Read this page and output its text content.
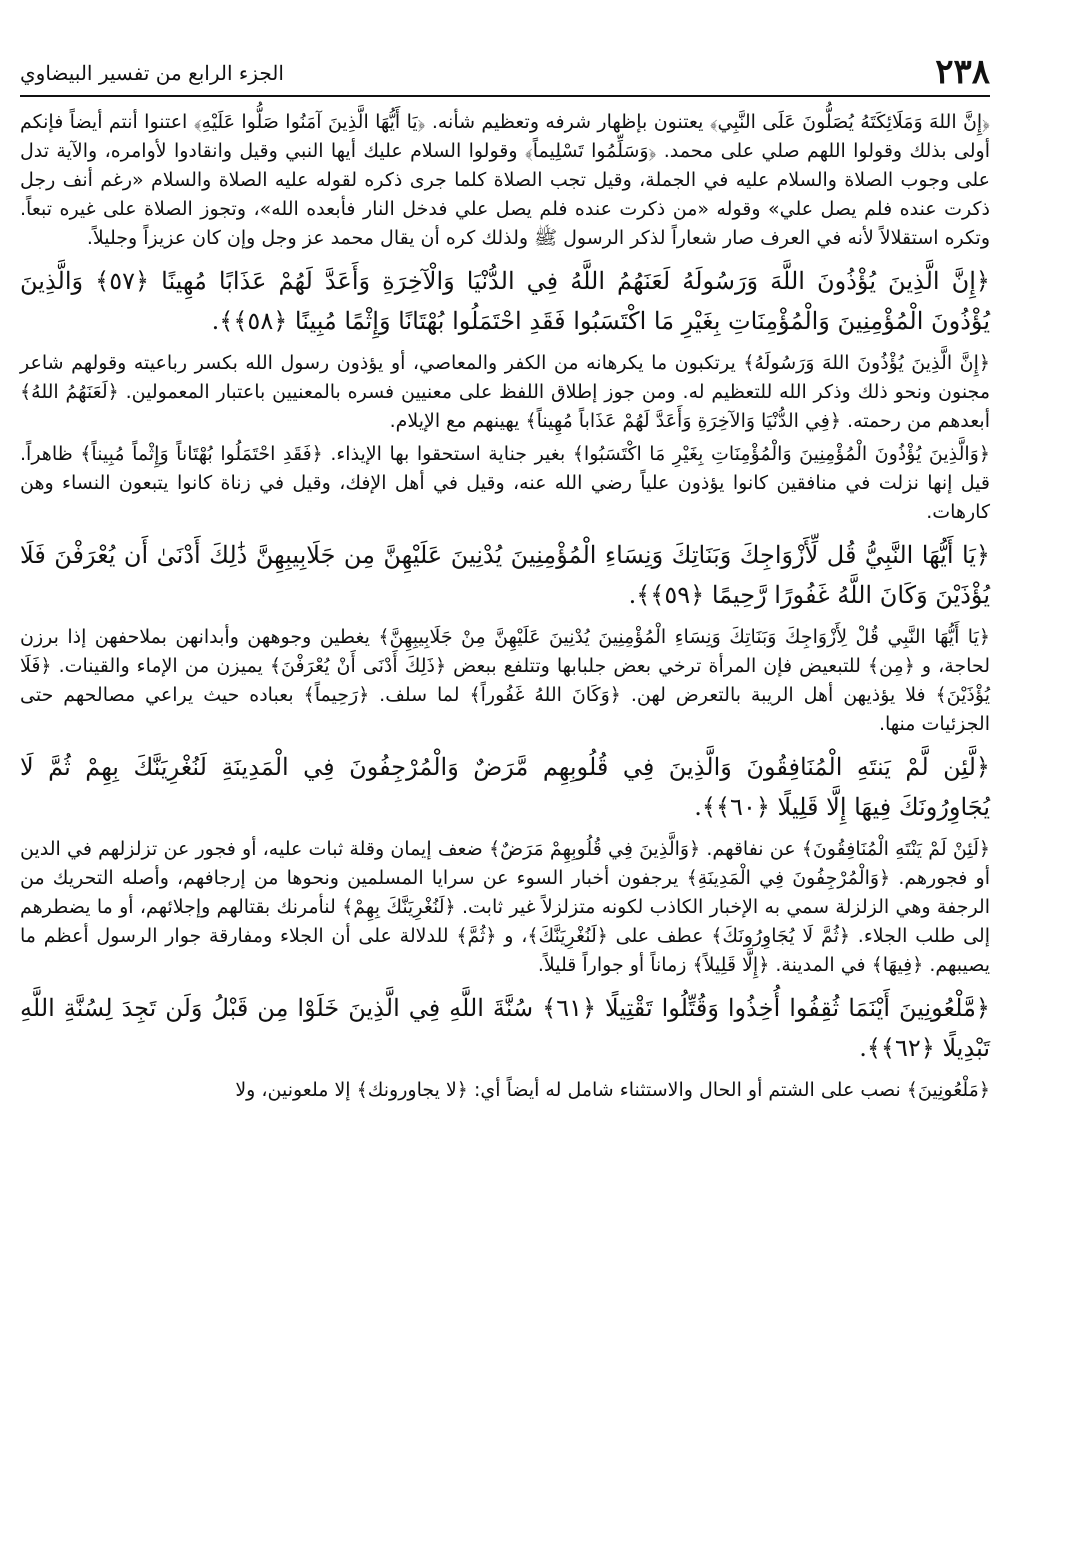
٢٣٨
الجزء الرابع من تفسير البيضاوي

﴿إِنَّ اللهَ وَمَلَائِكَتَهُ يُصَلُّونَ عَلَى النَّبِي﴾ يعتنون بإظهار شرفه وتعظيم شأنه. ﴿يَا أَيُّهَا الَّذِينَ آمَنُوا صَلُّوا عَلَيْهِ﴾ اعتنوا أنتم أيضاً فإنكم أولى بذلك وقولوا اللهم صلي على محمد. ﴿وَسَلِّمُوا تَسْلِيماً﴾ وقولوا السلام عليك أيها النبي وقيل وانقادوا لأوامره، والآية تدل على وجوب الصلاة والسلام عليه في الجملة، وقيل تجب الصلاة كلما جرى ذكره لقوله عليه الصلاة والسلام «رغم أنف رجل ذكرت عنده فلم يصل علي» وقوله «من ذكرت عنده فلم يصل علي فدخل النار فأبعده الله»، وتجوز الصلاة على غيره تبعاً. وتكره استقلالاً لأنه في العرف صار شعاراً لذكر الرسول ﷺ ولذلك كره أن يقال محمد عز وجل وإن كان عزيزاً وجليلاً.

﴿إِنَّ الَّذِينَ يُؤْذُونَ اللَّهَ وَرَسُولَهُ لَعَنَهُمُ اللَّهُ فِي الدُّنْيَا وَالْآخِرَةِ وَأَعَدَّ لَهُمْ عَذَابًا مُهِينًا ﴿٥٧﴾ وَالَّذِينَ يُؤْذُونَ الْمُؤْمِنِينَ وَالْمُؤْمِنَاتِ بِغَيْرِ مَا اكْتَسَبُوا فَقَدِ احْتَمَلُوا بُهْتَانًا وَإِثْمًا مُبِينًا ﴿٥٨﴾﴾.

﴿إِنَّ الَّذِينَ يُؤْذُونَ اللهَ وَرَسُولَهُ﴾ يرتكبون ما يكرهانه من الكفر والمعاصي، أو يؤذون رسول الله بكسر رباعيته وقولهم شاعر مجنون ونحو ذلك وذكر الله للتعظيم له. ومن جوز إطلاق اللفظ على معنيين فسره بالمعنيين باعتبار المعمولين. ﴿لَعَنَهُمُ اللهُ﴾ أبعدهم من رحمته. ﴿فِي الدُّنْيَا وَالآخِرَةِ وَأَعَدَّ لَهُمْ عَذَاباً مُهِيناً﴾ يهينهم مع الإيلام.

﴿وَالَّذِينَ يُؤْذُونَ الْمُؤْمِنِينَ وَالْمُؤْمِنَاتِ بِغَيْرِ مَا اكْتَسَبُوا﴾ بغير جناية استحقوا بها الإيذاء. ﴿فَقَدِ احْتَمَلُوا بُهْتَاناً وَإِثْماً مُبِيناً﴾ ظاهراً. قيل إنها نزلت في منافقين كانوا يؤذون علياً رضي الله عنه، وقيل في أهل الإفك، وقيل في زناة كانوا يتبعون النساء وهن كارهات.

﴿يَا أَيُّهَا النَّبِيُّ قُل لِّأَزْوَاجِكَ وَبَنَاتِكَ وَنِسَاءِ الْمُؤْمِنِينَ يُدْنِينَ عَلَيْهِنَّ مِن جَلَابِيبِهِنَّ ذَٰلِكَ أَدْنَىٰ أَن يُعْرَفْنَ فَلَا يُؤْذَيْنَ وَكَانَ اللَّهُ غَفُورًا رَّحِيمًا ﴿٥٩﴾﴾.

﴿يَا أَيُّهَا النَّبِي قُلْ لِأَزْوَاجِكَ وَبَنَاتِكَ وَنِسَاءِ الْمُؤْمِنِينَ يُدْنِينَ عَلَيْهِنَّ مِنْ جَلَابِيبِهِنَّ﴾ يغطين وجوههن وأبدانهن بملاحفهن إذا برزن لحاجة، و ﴿مِن﴾ للتبعيض فإن المرأة ترخي بعض جلبابها وتتلفع ببعض ﴿ذَلِكَ أَدْنَى أَنْ يُعْرَفْنَ﴾ يميزن من الإماء والقينات. ﴿فَلَا يُؤْذَيْنَ﴾ فلا يؤذيهن أهل الريبة بالتعرض لهن. ﴿وَكَانَ اللهُ غَفُوراً﴾ لما سلف. ﴿رَحِيماً﴾ بعباده حيث يراعي مصالحهم حتى الجزئيات منها.

﴿لَّئِن لَّمْ يَنتَهِ الْمُنَافِقُونَ وَالَّذِينَ فِي قُلُوبِهِم مَّرَضٌ وَالْمُرْجِفُونَ فِي الْمَدِينَةِ لَنُغْرِيَنَّكَ بِهِمْ ثُمَّ لَا يُجَاوِرُونَكَ فِيهَا إِلَّا قَلِيلًا ﴿٦٠﴾﴾.

﴿لَئِنْ لَمْ يَنْتَهِ الْمُنَافِقُونَ﴾ عن نفاقهم. ﴿وَالَّذِينَ فِي قُلُوبِهِمْ مَرَضٌ﴾ ضعف إيمان وقلة ثبات عليه، أو فجور عن تزلزلهم في الدين أو فجورهم. ﴿وَالْمُرْجِفُونَ فِي الْمَدِينَةِ﴾ يرجفون أخبار السوء عن سرايا المسلمين ونحوها من إرجافهم، وأصله التحريك من الرجفة وهي الزلزلة سمي به الإخبار الكاذب لكونه متزلزلاً غير ثابت. ﴿لَنُغْرِيَنَّكَ بِهِمْ﴾ لنأمرنك بقتالهم وإجلائهم، أو ما يضطرهم إلى طلب الجلاء. ﴿ثُمَّ لَا يُجَاوِرُونَكَ﴾ عطف على ﴿لَنُغْرِيَنَّكَ﴾، و ﴿ثُمَّ﴾ للدلالة على أن الجلاء ومفارقة جوار الرسول أعظم ما يصيبهم. ﴿فِيهَا﴾ في المدينة. ﴿إِلَّا قَلِيلاً﴾ زماناً أو جواراً قليلاً.

﴿مَّلْعُونِينَ أَيْنَمَا ثُقِفُوا أُخِذُوا وَقُتِّلُوا تَقْتِيلًا ﴿٦١﴾ سُنَّةَ اللَّهِ فِي الَّذِينَ خَلَوْا مِن قَبْلُ وَلَن تَجِدَ لِسُنَّةِ اللَّهِ تَبْدِيلًا ﴿٦٢﴾﴾.

﴿مَلْعُونِينَ﴾ نصب على الشتم أو الحال والاستثناء شامل له أيضاً أي: ﴿لا يجاورونك﴾ إلا ملعونين، ولا
